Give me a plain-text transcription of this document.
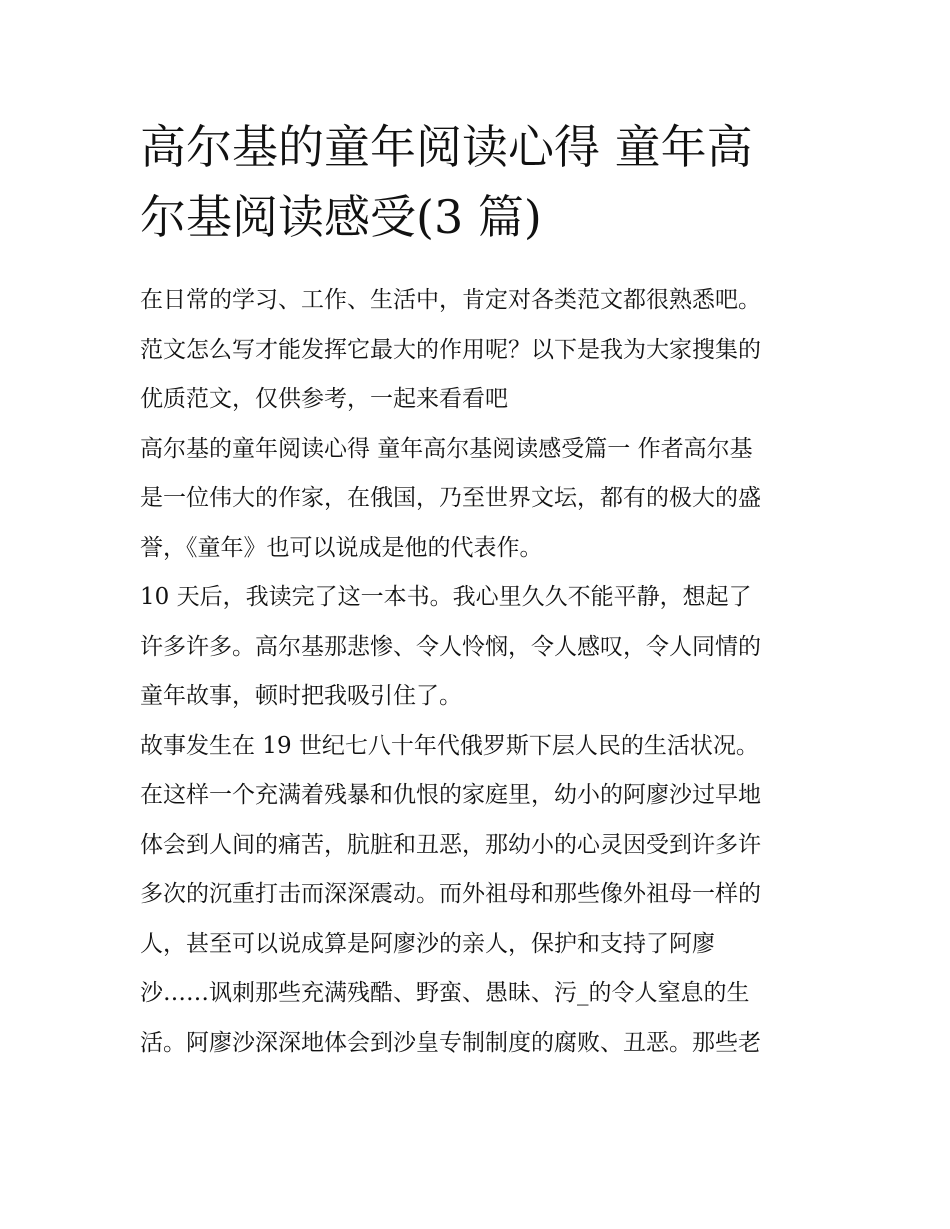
高尔基的童年阅读心得 童年高
尔基阅读感受(3 篇)
在日常的学习、工作、生活中，肯定对各类范文都很熟悉吧。
范文怎么写才能发挥它最大的作用呢？以下是我为大家搜集的
优质范文，仅供参考，一起来看看吧
高尔基的童年阅读心得 童年高尔基阅读感受篇一 作者高尔基
是一位伟大的作家，在俄国，乃至世界文坛，都有的极大的盛
誉，《童年》也可以说成是他的代表作。
10 天后，我读完了这一本书。我心里久久不能平静，想起了
许多许多。高尔基那悲惨、令人怜悯，令人感叹，令人同情的
童年故事，顿时把我吸引住了。
故事发生在 19 世纪七八十年代俄罗斯下层人民的生活状况。
在这样一个充满着残暴和仇恨的家庭里，幼小的阿廖沙过早地
体会到人间的痛苦，肮脏和丑恶，那幼小的心灵因受到许多许
多次的沉重打击而深深震动。而外祖母和那些像外祖母一样的
人，甚至可以说成算是阿廖沙的亲人，保护和支持了阿廖
沙……讽刺那些充满残酷、野蛮、愚昧、污_的令人窒息的生
活。阿廖沙深深地体会到沙皇专制制度的腐败、丑恶。那些老
